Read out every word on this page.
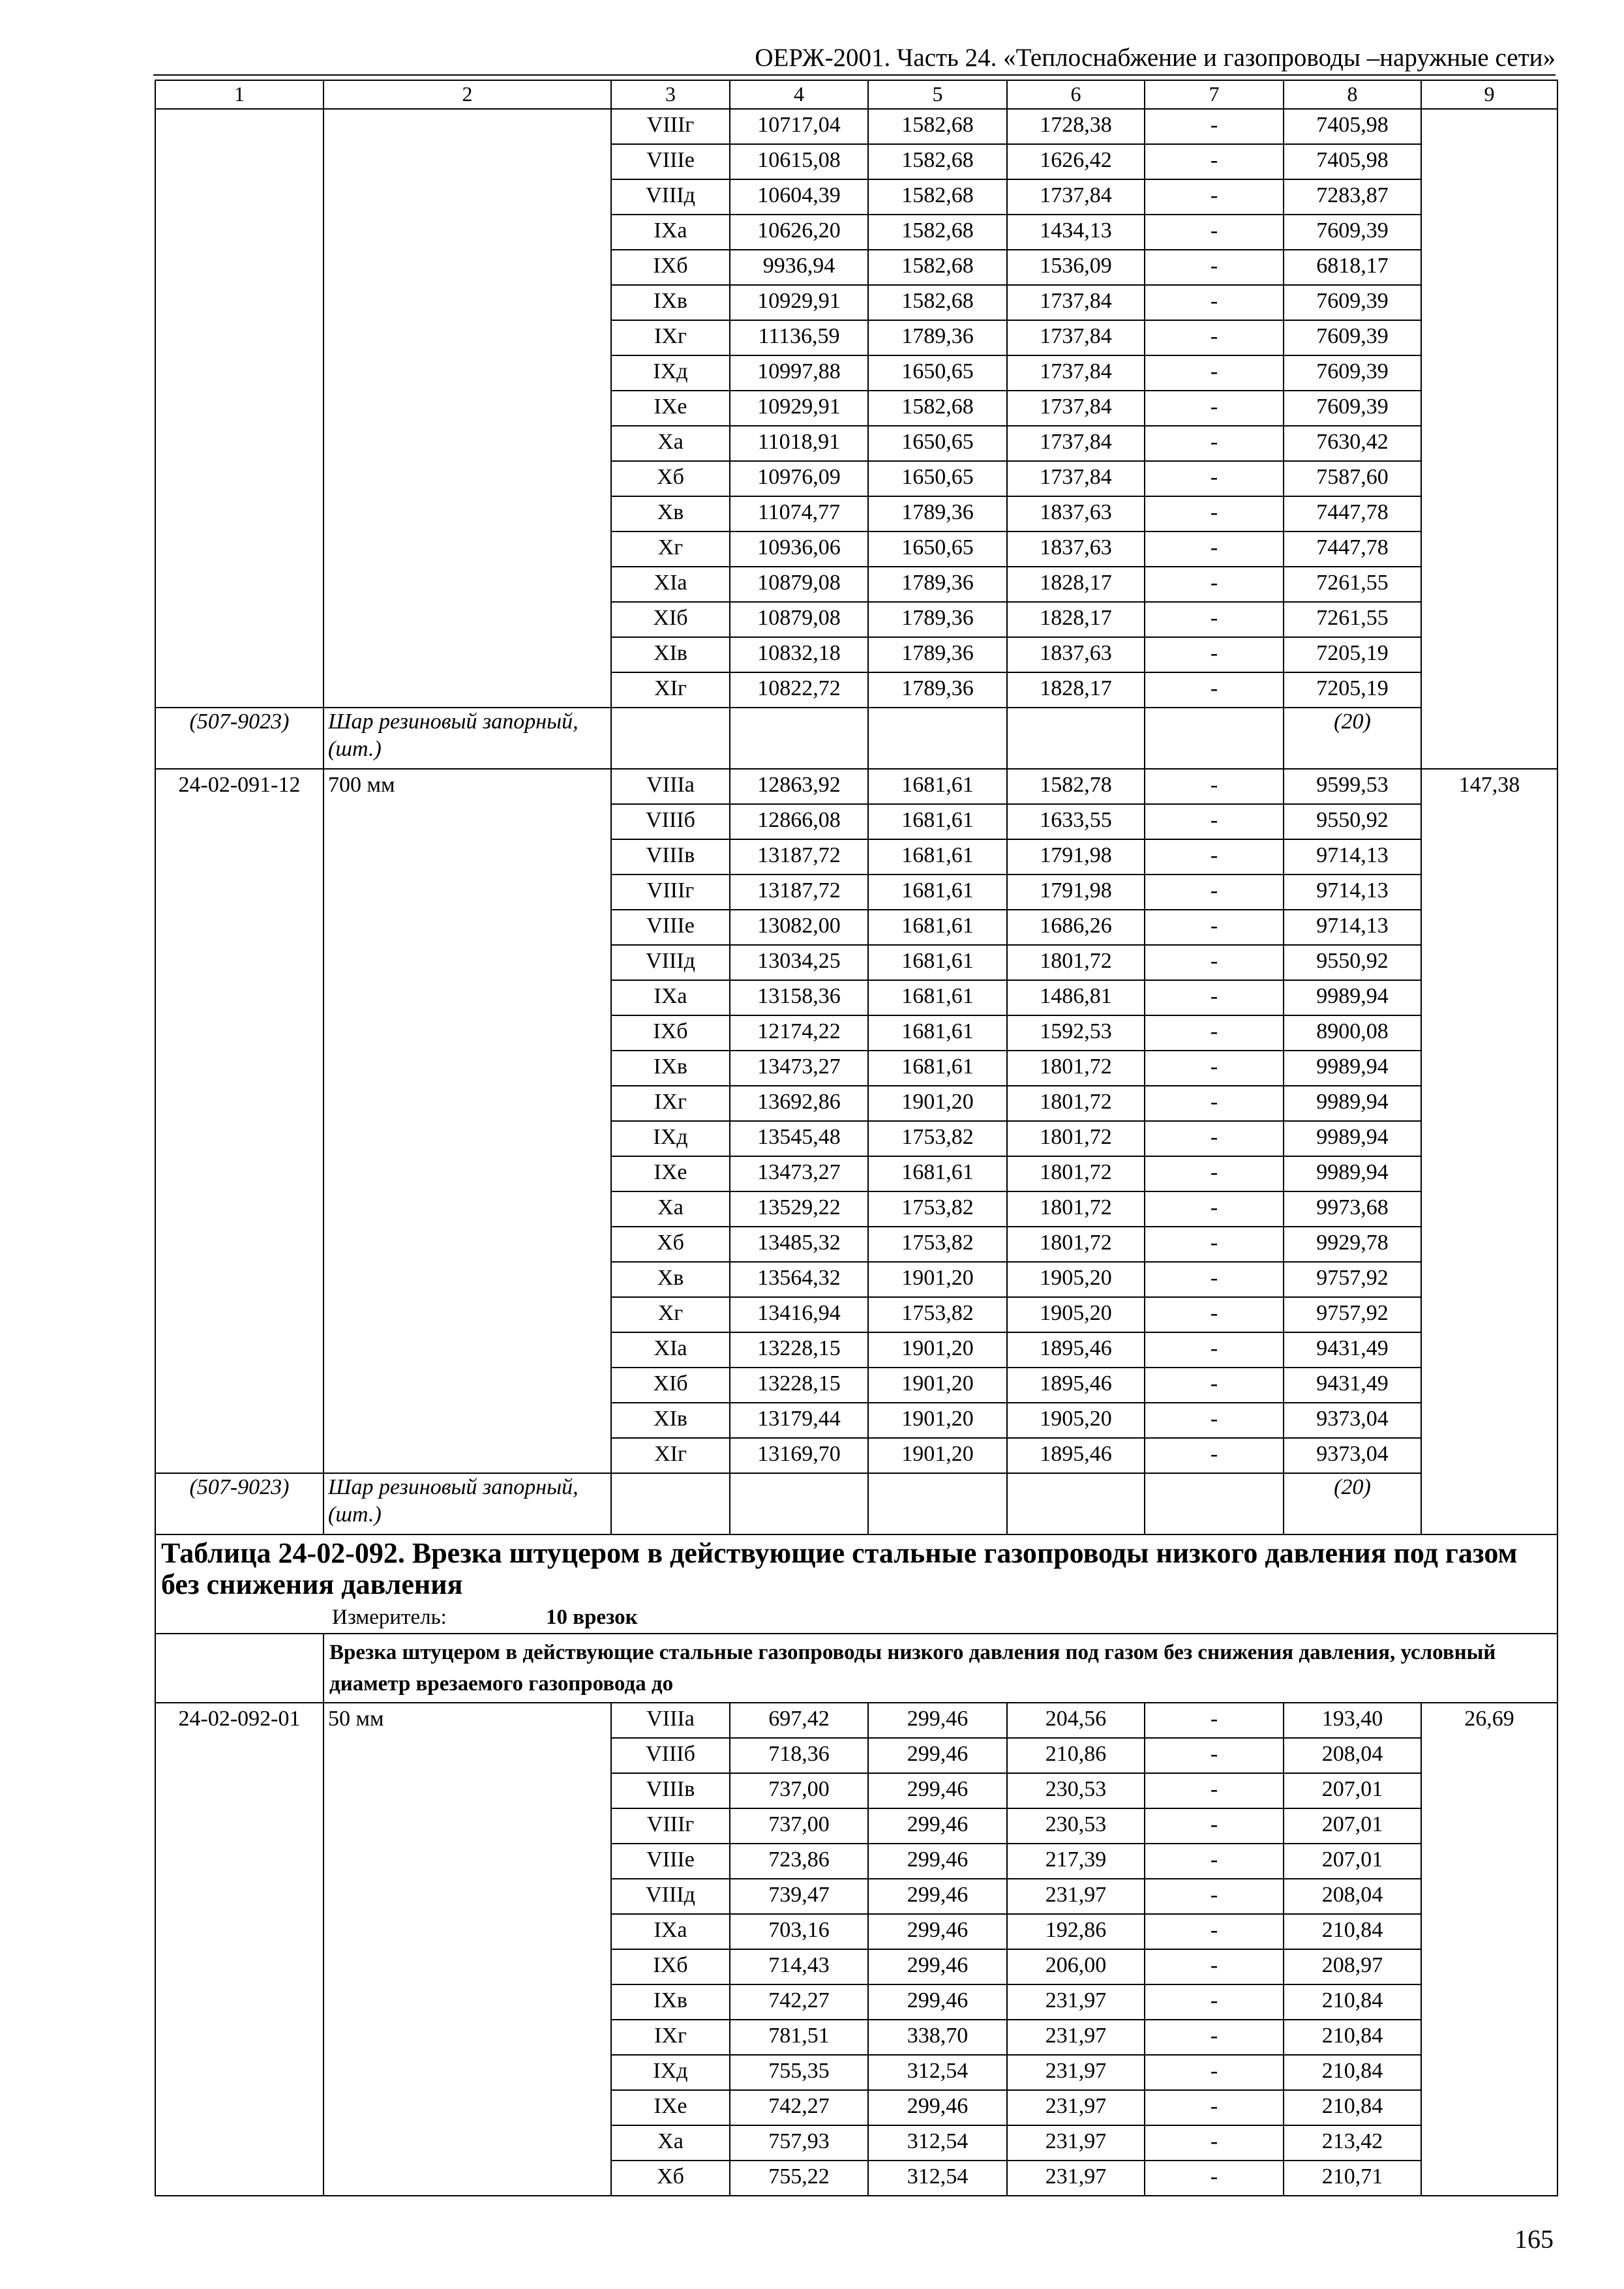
ОЕРЖ-2001. Часть 24. «Теплоснабжение и газопроводы –наружные сети»
1	2	3	4	5	6	7	8	9
		VIIIг	10717,04	1582,68	1728,38	-	7405,98	
		VIIIе	10615,08	1582,68	1626,42	-	7405,98	
		VIIIд	10604,39	1582,68	1737,84	-	7283,87	
		IXа	10626,20	1582,68	1434,13	-	7609,39	
		IXб	9936,94	1582,68	1536,09	-	6818,17	
		IXв	10929,91	1582,68	1737,84	-	7609,39	
		IXг	11136,59	1789,36	1737,84	-	7609,39	
		IXд	10997,88	1650,65	1737,84	-	7609,39	
		IXе	10929,91	1582,68	1737,84	-	7609,39	
		Xа	11018,91	1650,65	1737,84	-	7630,42	
		Xб	10976,09	1650,65	1737,84	-	7587,60	
		Xв	11074,77	1789,36	1837,63	-	7447,78	
		Xг	10936,06	1650,65	1837,63	-	7447,78	
		XIа	10879,08	1789,36	1828,17	-	7261,55	
		XIб	10879,08	1789,36	1828,17	-	7261,55	
		XIв	10832,18	1789,36	1837,63	-	7205,19	
		XIг	10822,72	1789,36	1828,17	-	7205,19	
(507-9023)	Шар резиновый запорный, (шт.)						(20)	
24-02-091-12	700 мм	VIIIа	12863,92	1681,61	1582,78	-	9599,53	147,38
		VIIIб	12866,08	1681,61	1633,55	-	9550,92	
		VIIIв	13187,72	1681,61	1791,98	-	9714,13	
		VIIIг	13187,72	1681,61	1791,98	-	9714,13	
		VIIIе	13082,00	1681,61	1686,26	-	9714,13	
		VIIIд	13034,25	1681,61	1801,72	-	9550,92	
		IXа	13158,36	1681,61	1486,81	-	9989,94	
		IXб	12174,22	1681,61	1592,53	-	8900,08	
		IXв	13473,27	1681,61	1801,72	-	9989,94	
		IXг	13692,86	1901,20	1801,72	-	9989,94	
		IXд	13545,48	1753,82	1801,72	-	9989,94	
		IXе	13473,27	1681,61	1801,72	-	9989,94	
		Xа	13529,22	1753,82	1801,72	-	9973,68	
		Xб	13485,32	1753,82	1801,72	-	9929,78	
		Xв	13564,32	1901,20	1905,20	-	9757,92	
		Xг	13416,94	1753,82	1905,20	-	9757,92	
		XIа	13228,15	1901,20	1895,46	-	9431,49	
		XIб	13228,15	1901,20	1895,46	-	9431,49	
		XIв	13179,44	1901,20	1905,20	-	9373,04	
		XIг	13169,70	1901,20	1895,46	-	9373,04	
(507-9023)	Шар резиновый запорный, (шт.)						(20)	
Таблица 24-02-092. Врезка штуцером в действующие стальные газопроводы низкого давления под газом без снижения давления
Измеритель: 10 врезок								

	Врезка штуцером в действующие стальные газопроводы низкого давления под газом без снижения давления, условный диаметр врезаемого газопровода до							
24-02-092-01	50 мм	VIIIа	697,42	299,46	204,56	-	193,40	26,69
		VIIIб	718,36	299,46	210,86	-	208,04	
		VIIIв	737,00	299,46	230,53	-	207,01	
		VIIIг	737,00	299,46	230,53	-	207,01	
		VIIIе	723,86	299,46	217,39	-	207,01	
		VIIIд	739,47	299,46	231,97	-	208,04	
		IXа	703,16	299,46	192,86	-	210,84	
		IXб	714,43	299,46	206,00	-	208,97	
		IXв	742,27	299,46	231,97	-	210,84	
		IXг	781,51	338,70	231,97	-	210,84	
		IXд	755,35	312,54	231,97	-	210,84	
		IXе	742,27	299,46	231,97	-	210,84	
		Xа	757,93	312,54	231,97	-	213,42	
		Xб	755,22	312,54	231,97	-	210,71	
165
